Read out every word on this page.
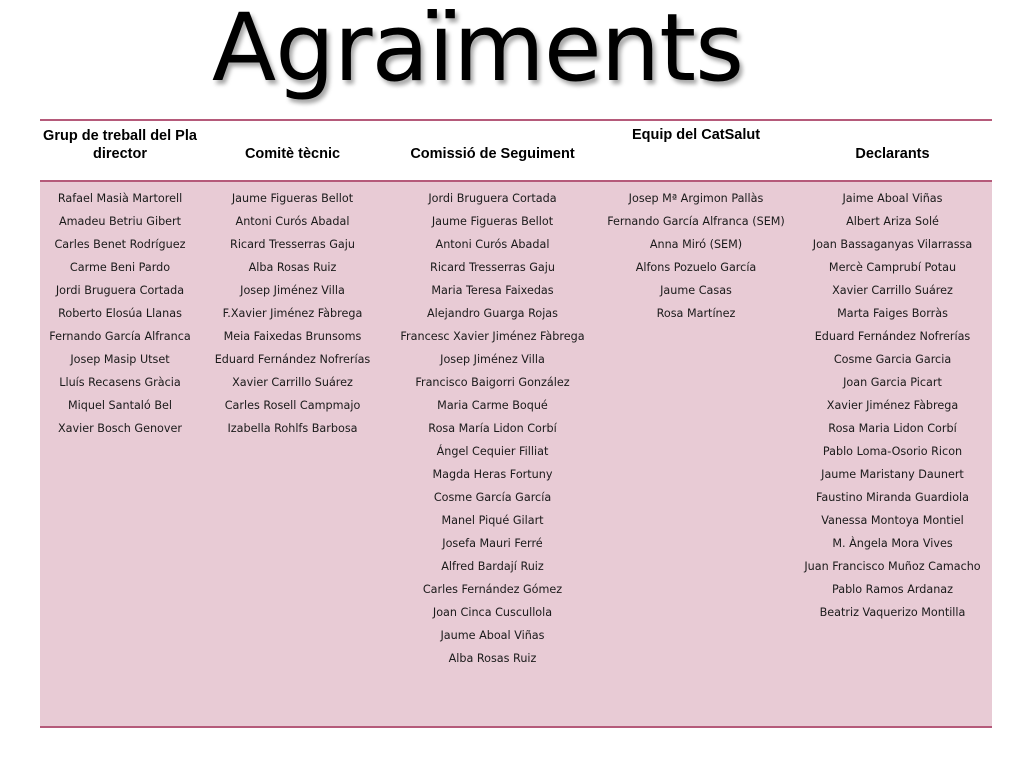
Agraïments
Grup de treball del Pla director	Comitè tècnic	Comissió de Seguiment
Equip del CatSalut
Declarants
Rafael Masià Martorell
Amadeu Betriu Gibert
Carles Benet Rodríguez
Carme Beni Pardo
Jordi Bruguera Cortada
Roberto Elosúa Llanas
Fernando García Alfranca
Josep Masip Utset
Lluís Recasens Gràcia
Miquel Santaló Bel
Xavier Bosch Genover
Jaume Figueras Bellot
Antoni Curós Abadal
Ricard Tresserras Gaju
Alba Rosas Ruiz
Josep Jiménez Villa
F.Xavier Jiménez Fàbrega
Meia Faixedas Brunsoms
Eduard Fernández Nofrerías
Xavier Carrillo Suárez
Carles Rosell Campmajo
Izabella Rohlfs Barbosa
Jordi Bruguera Cortada
Jaume Figueras Bellot
Antoni Curós Abadal
Ricard Tresserras Gaju
Maria Teresa Faixedas
Alejandro Guarga Rojas
Francesc Xavier Jiménez Fàbrega
Josep Jiménez Villa
Francisco Baigorri González
Maria Carme Boqué
Rosa María Lidon Corbí
Ángel Cequier Filliat
Magda Heras Fortuny
Cosme García García
Manel Piqué Gilart
Josefa Mauri Ferré
Alfred Bardají Ruiz
Carles Fernández Gómez
Joan Cinca Cuscullola
Jaume Aboal Viñas
Alba Rosas Ruiz
Josep Mª Argimon Pallàs
Fernando García Alfranca (SEM)
Anna Miró (SEM)
Alfons Pozuelo García
Jaume Casas
Rosa Martínez
Jaime Aboal Viñas
Albert Ariza Solé
Joan Bassaganyas Vilarrassa
Mercè Camprubí Potau
Xavier Carrillo Suárez
Marta Faiges Borràs
Eduard Fernández Nofrerías
Cosme Garcia Garcia
Joan Garcia Picart
Xavier Jiménez Fàbrega
Rosa Maria Lidon Corbí
Pablo Loma-Osorio Ricon
Jaume Maristany Daunert
Faustino Miranda Guardiola
Vanessa Montoya Montiel
M. Àngela Mora Vives
Juan Francisco Muñoz Camacho
Pablo Ramos Ardanaz
Beatriz Vaquerizo Montilla
